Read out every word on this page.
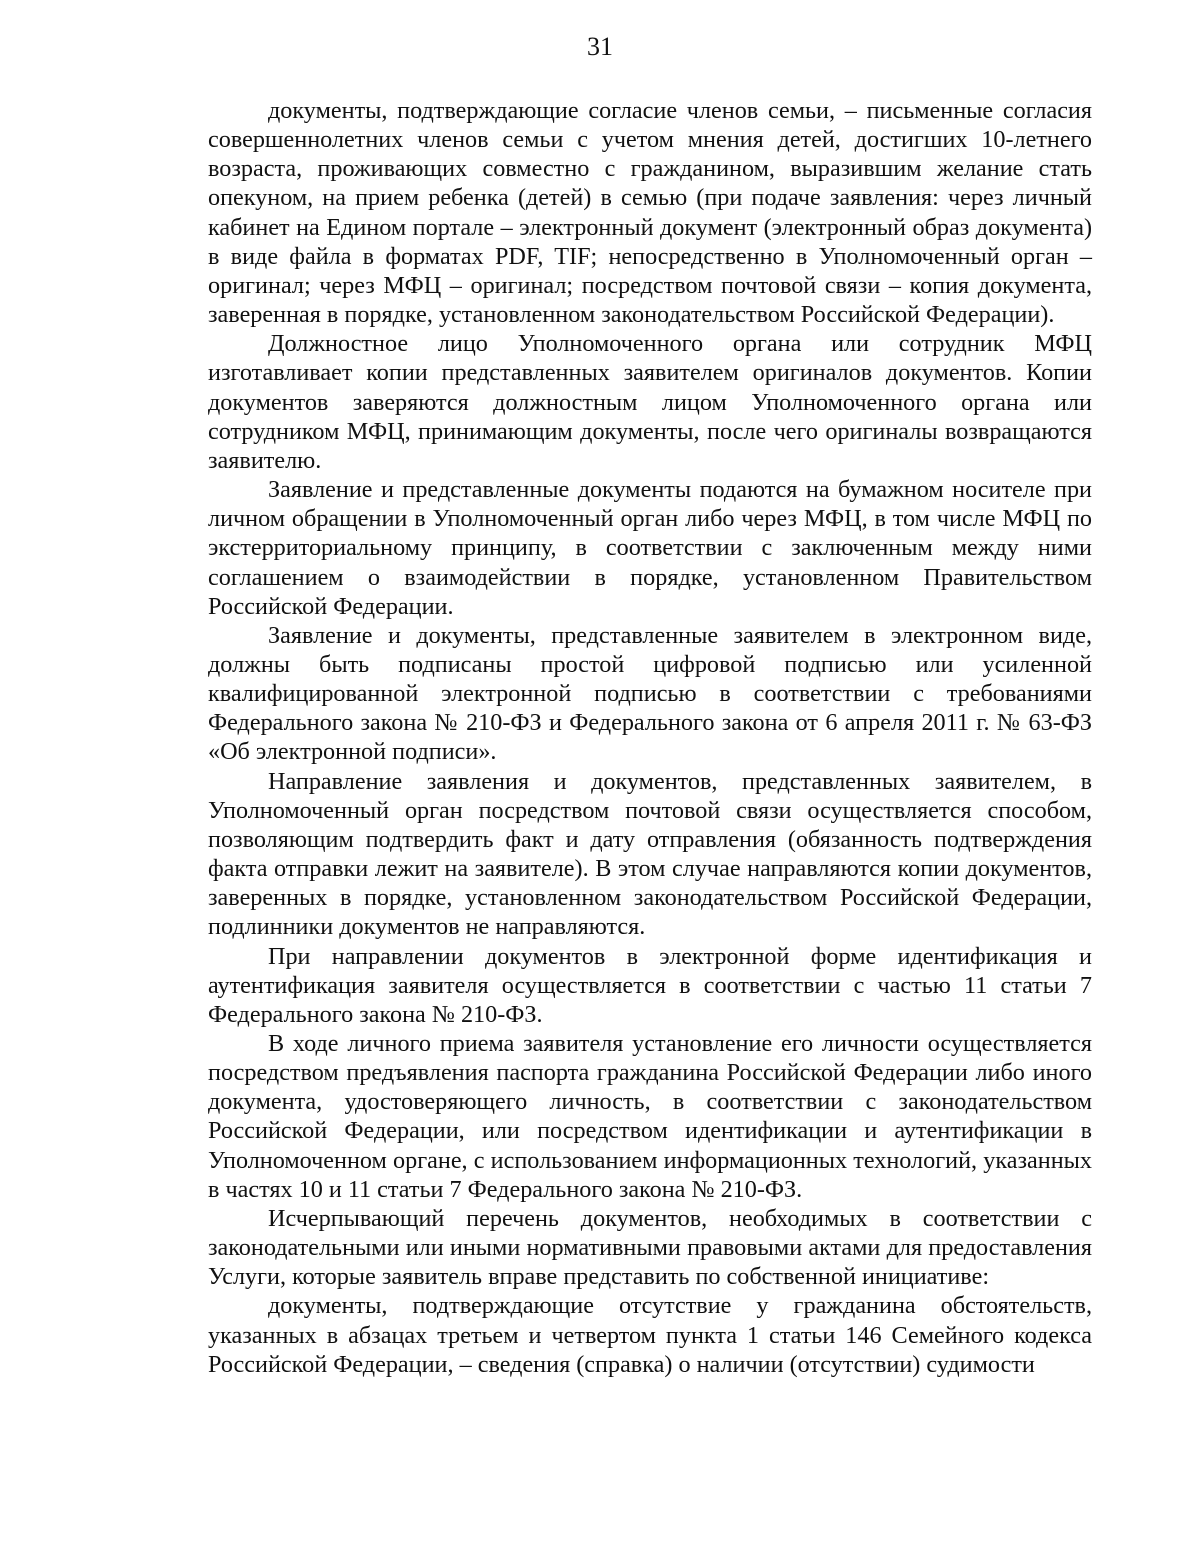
31

документы, подтверждающие согласие членов семьи, – письменные согласия совершеннолетних членов семьи с учетом мнения детей, достигших 10-летнего возраста, проживающих совместно с гражданином, выразившим желание стать опекуном, на прием ребенка (детей) в семью (при подаче заявления: через личный кабинет на Едином портале – электронный документ (электронный образ документа) в виде файла в форматах PDF, TIF; непосредственно в Уполномоченный орган – оригинал; через МФЦ – оригинал; посредством почтовой связи – копия документа, заверенная в порядке, установленном законодательством Российской Федерации).

Должностное лицо Уполномоченного органа или сотрудник МФЦ изготавливает копии представленных заявителем оригиналов документов. Копии документов заверяются должностным лицом Уполномоченного органа или сотрудником МФЦ, принимающим документы, после чего оригиналы возвращаются заявителю.

Заявление и представленные документы подаются на бумажном носителе при личном обращении в Уполномоченный орган либо через МФЦ, в том числе МФЦ по экстерриториальному принципу, в соответствии с заключенным между ними соглашением о взаимодействии в порядке, установленном Правительством Российской Федерации.

Заявление и документы, представленные заявителем в электронном виде, должны быть подписаны простой цифровой подписью или усиленной квалифицированной электронной подписью в соответствии с требованиями Федерального закона № 210-ФЗ и Федерального закона от 6 апреля 2011 г. № 63-ФЗ «Об электронной подписи».

Направление заявления и документов, представленных заявителем, в Уполномоченный орган посредством почтовой связи осуществляется способом, позволяющим подтвердить факт и дату отправления (обязанность подтверждения факта отправки лежит на заявителе). В этом случае направляются копии документов, заверенных в порядке, установленном законодательством Российской Федерации, подлинники документов не направляются.

При направлении документов в электронной форме идентификация и аутентификация заявителя осуществляется в соответствии с частью 11 статьи 7 Федерального закона № 210-ФЗ.

В ходе личного приема заявителя установление его личности осуществляется посредством предъявления паспорта гражданина Российской Федерации либо иного документа, удостоверяющего личность, в соответствии с законодательством Российской Федерации, или посредством идентификации и аутентификации в Уполномоченном органе, с использованием информационных технологий, указанных в частях 10 и 11 статьи 7 Федерального закона № 210-ФЗ.

Исчерпывающий перечень документов, необходимых в соответствии с законодательными или иными нормативными правовыми актами для предоставления Услуги, которые заявитель вправе представить по собственной инициативе:

документы, подтверждающие отсутствие у гражданина обстоятельств, указанных в абзацах третьем и четвертом пункта 1 статьи 146 Семейного кодекса Российской Федерации, – сведения (справка) о наличии (отсутствии) судимости
